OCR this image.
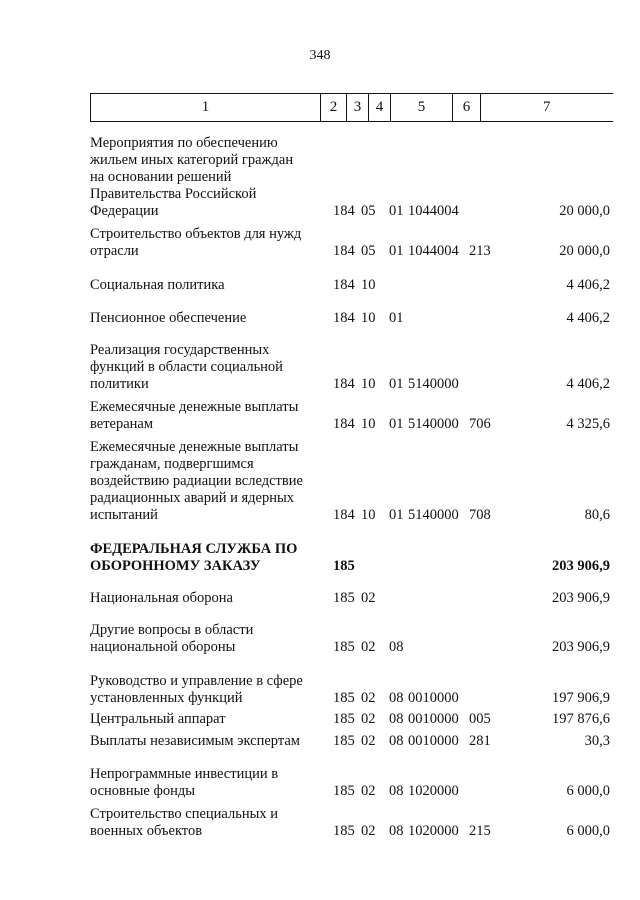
348
1	2	3	4	5	6	7
Мероприятия по обеспечению
жильем иных категорий граждан
на основании решений
Правительства Российской
Федерации	184 05 01 1044004	20 000,0
Строительство объектов для нужд
отрасли	184 05 01 1044004 213	20 000,0
Социальная политика	184 10	4 406,2
Пенсионное обеспечение	184 10 01	4 406,2
Реализация государственных
функций в области социальной
политики	184 10 01 5140000	4 406,2
Ежемесячные денежные выплаты
ветеранам	184 10 01 5140000 706	4 325,6
Ежемесячные денежные выплаты
гражданам, подвергшимся
воздействию радиации вследствие
радиационных аварий и ядерных
испытаний	184 10 01 5140000 708	80,6
ФЕДЕРАЛЬНАЯ СЛУЖБА ПО
ОБОРОННОМУ ЗАКАЗУ	185	203 906,9
Национальная оборона	185 02	203 906,9
Другие вопросы в области
национальной обороны	185 02 08	203 906,9
Руководство и управление в сфере
установленных функций	185 02 08 0010000	197 906,9
Центральный аппарат	185 02 08 0010000 005	197 876,6
Выплаты независимым экспертам	185 02 08 0010000 281	30,3
Непрограммные инвестиции в
основные фонды	185 02 08 1020000	6 000,0
Строительство специальных и
военных объектов	185 02 08 1020000 215	6 000,0
